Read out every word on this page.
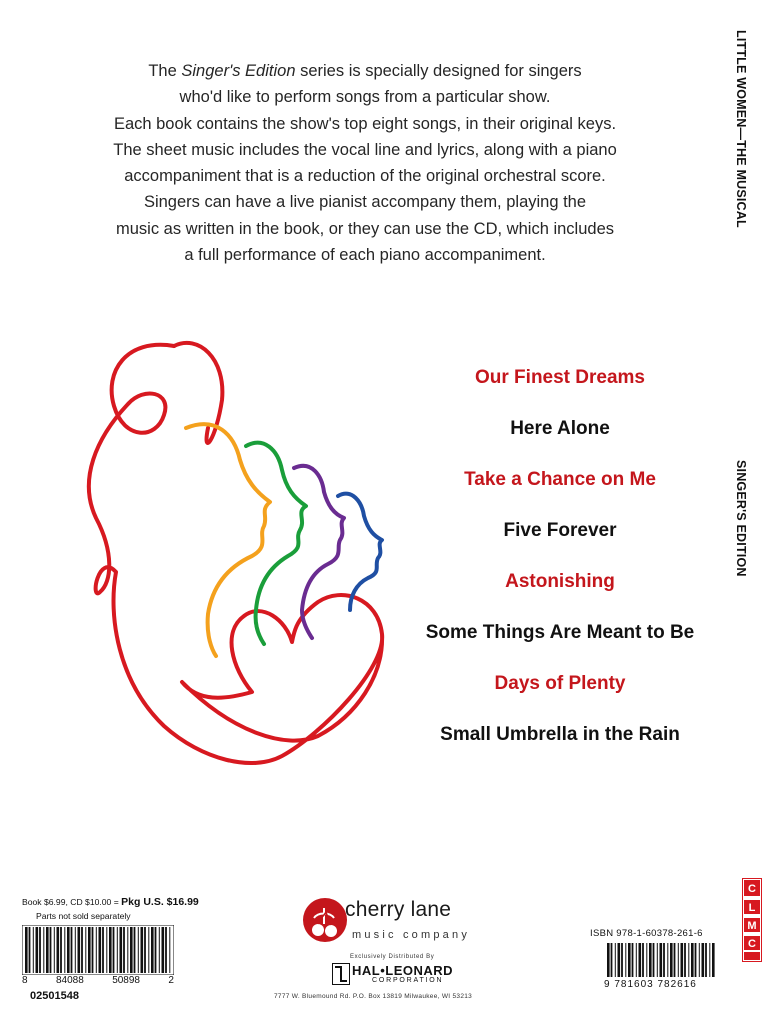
The Singer's Edition series is specially designed for singers

who'd like to perform songs from a particular show.

Each book contains the show's top eight songs, in their original keys.

The sheet music includes the vocal line and lyrics, along with a piano

accompaniment that is a reduction of the original orchestral score.

Singers can have a live pianist accompany them, playing the

music as written in the book, or they can use the CD, which includes

a full performance of each piano accompaniment.

LITTLE WOMEN—THE MUSICAL
SINGER'S EDITION
Our Finest Dreams
Here Alone
Take a Chance on Me
Five Forever
Astonishing
Some Things Are Meant to Be
Days of Plenty
Small Umbrella in the Rain
Book $6.99, CD $10.00 = Pkg U.S. $16.99
Parts not sold separately
8	84088	50898	2
02501548
cherry lane
music company
Exclusively Distributed By
HAL•LEONARD
CORPORATION
7777 W. Bluemound Rd. P.O. Box 13819 Milwaukee, WI 53213
ISBN 978-1-60378-261-6
9 781603 782616
C
L
M
C
